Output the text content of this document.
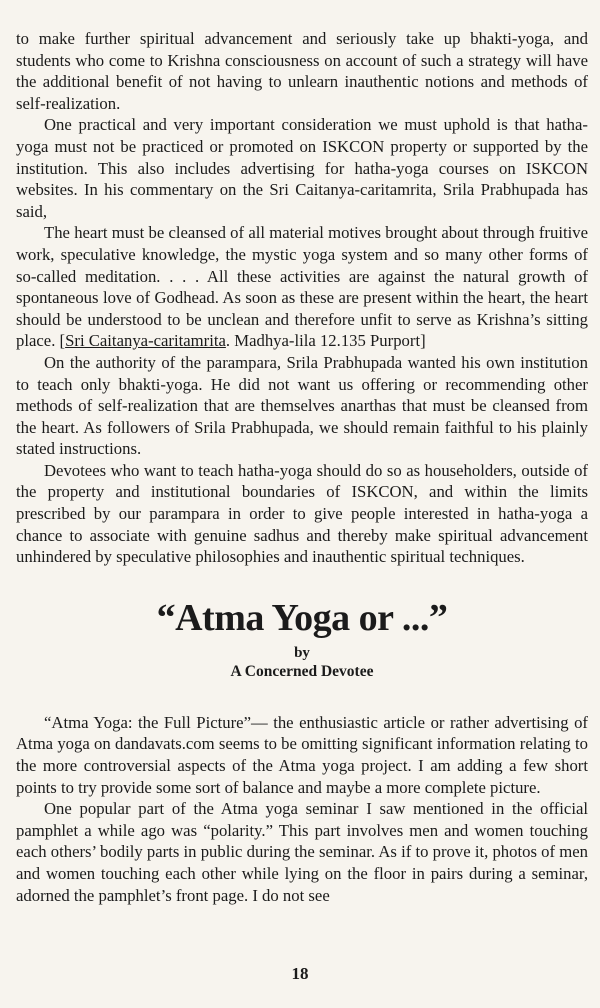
to make further spiritual advancement and seriously take up bhakti-yoga, and students who come to Krishna consciousness on account of such a strategy will have the additional benefit of not having to unlearn inauthentic notions and methods of self-realization.

One practical and very important consideration we must uphold is that hatha-yoga must not be practiced or promoted on ISKCON property or supported by the institution. This also includes advertising for hatha-yoga courses on ISKCON websites. In his commentary on the Sri Caitanya-caritamrita, Srila Prabhupada has said,

The heart must be cleansed of all material motives brought about through fruitive work, speculative knowledge, the mystic yoga system and so many other forms of so-called meditation. . . . All these activities are against the natural growth of spontaneous love of Godhead. As soon as these are present within the heart, the heart should be understood to be unclean and therefore unfit to serve as Krishna’s sitting place. [Sri Caitanya-caritamrita. Madhya-lila 12.135 Purport]

On the authority of the parampara, Srila Prabhupada wanted his own institution to teach only bhakti-yoga. He did not want us offering or recommending other methods of self-realization that are themselves anarthas that must be cleansed from the heart. As followers of Srila Prabhupada, we should remain faithful to his plainly stated instructions.

Devotees who want to teach hatha-yoga should do so as householders, outside of the property and institutional boundaries of ISKCON, and within the limits prescribed by our parampara in order to give people interested in hatha-yoga a chance to associate with genuine sadhus and thereby make spiritual advancement unhindered by speculative philosophies and inauthentic spiritual techniques.

“Atma Yoga or ...”
by
A Concerned Devotee

“Atma Yoga: the Full Picture”— the enthusiastic article or rather advertising of Atma yoga on dandavats.com seems to be omitting significant information relating to the more controversial aspects of the Atma yoga project. I am adding a few short points to try provide some sort of balance and maybe a more complete picture.

One popular part of the Atma yoga seminar I saw mentioned in the official pamphlet a while ago was “polarity.” This part involves men and women touching each others’ bodily parts in public during the seminar. As if to prove it, photos of men and women touching each other while lying on the floor in pairs during a seminar, adorned the pamphlet’s front page. I do not see

18
